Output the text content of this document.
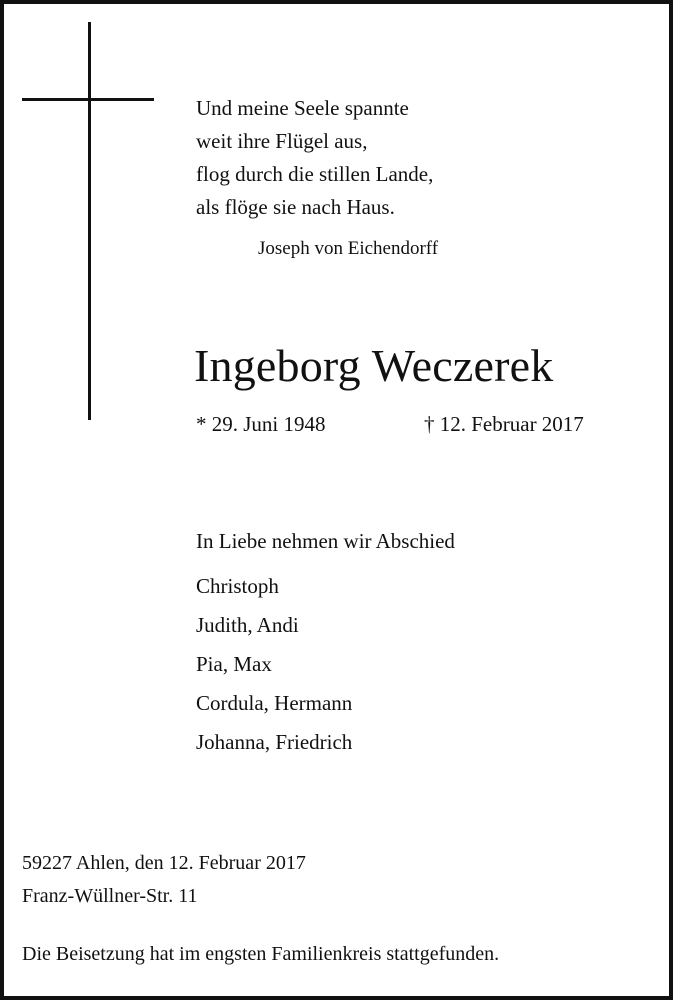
Und meine Seele spannte
weit ihre Flügel aus,
flog durch die stillen Lande,
als flöge sie nach Haus.
Joseph von Eichendorff
Ingeborg Weczerek
* 29. Juni 1948	† 12. Februar 2017
In Liebe nehmen wir Abschied
Christoph
Judith, Andi
Pia, Max
Cordula, Hermann
Johanna, Friedrich
59227 Ahlen, den 12. Februar 2017
Franz-Wüllner-Str. 11
Die Beisetzung hat im engsten Familienkreis stattgefunden.
